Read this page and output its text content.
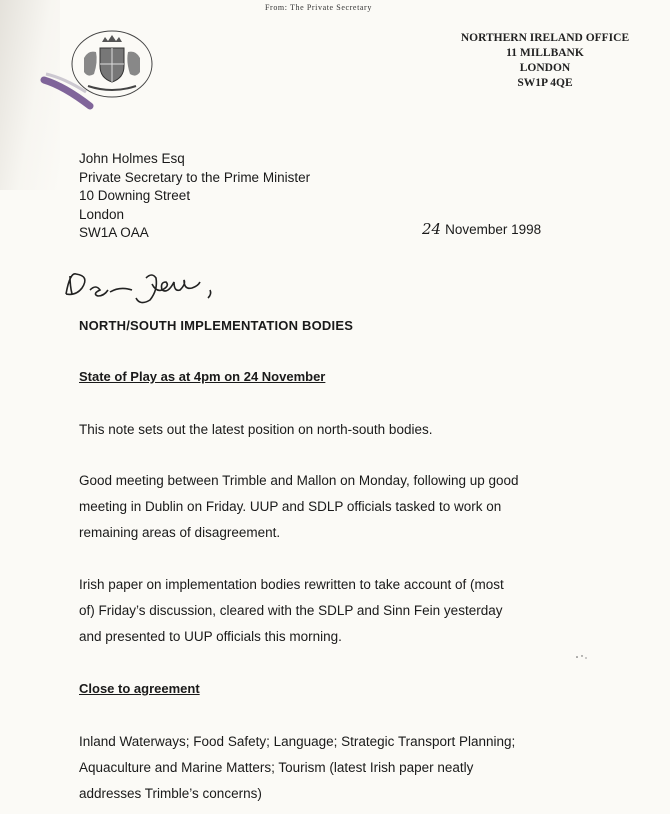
From: The Private Secretary
NORTHERN IRELAND OFFICE
11 MILLBANK
LONDON
SW1P 4QE
John Holmes Esq
Private Secretary to the Prime Minister
10 Downing Street
London
SW1A OAA	24 November 1998
NORTH/SOUTH IMPLEMENTATION BODIES
State of Play as at 4pm on 24 November
This note sets out the latest position on north-south bodies.
Good meeting between Trimble and Mallon on Monday, following up good
meeting in Dublin on Friday. UUP and SDLP officials tasked to work on
remaining areas of disagreement.
Irish paper on implementation bodies rewritten to take account of (most
of) Friday’s discussion, cleared with the SDLP and Sinn Fein yesterday
and presented to UUP officials this morning.
Close to agreement
Inland Waterways; Food Safety; Language; Strategic Transport Planning;
Aquaculture and Marine Matters; Tourism (latest Irish paper neatly
addresses Trimble’s concerns)
